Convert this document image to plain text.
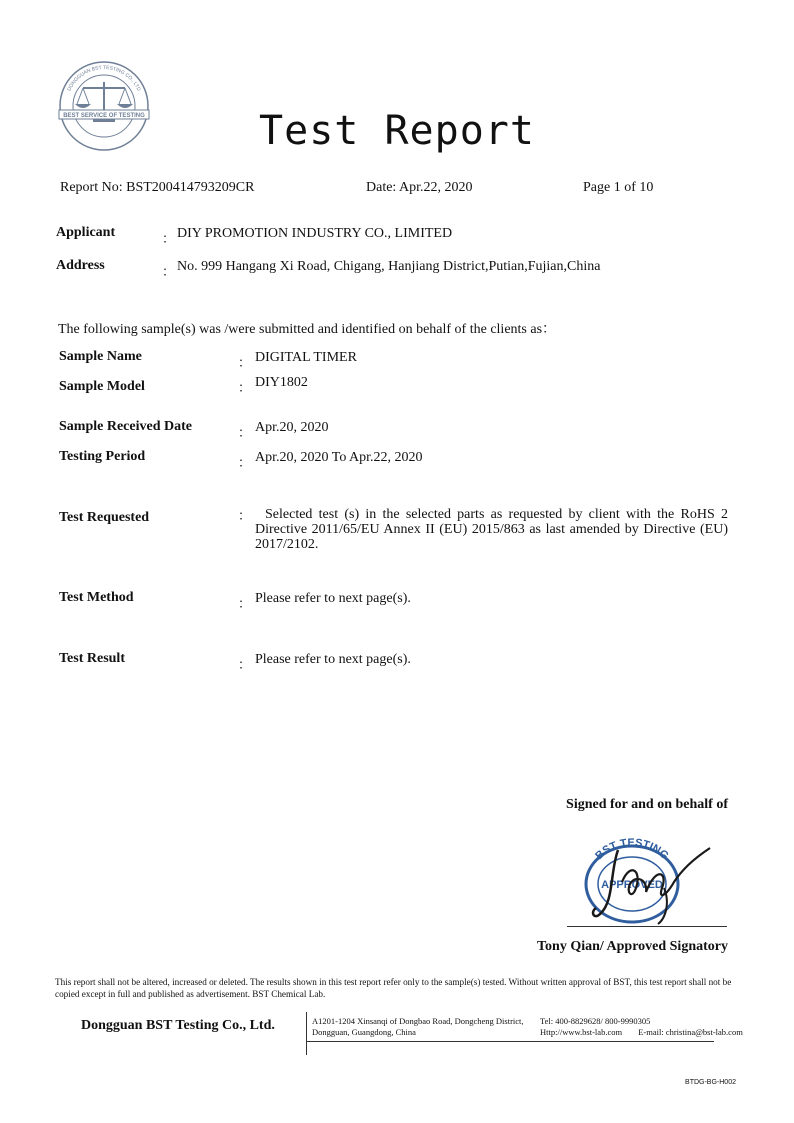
DONGGUAN BST TESTING CO., LTD
BEST SERVICE OF TESTING	Test Report
Report No: BST200414793209CR	Date: Apr.22, 2020	Page 1 of 10
Applicant	： DIY PROMOTION INDUSTRY CO., LIMITED
Address	： No. 999 Hangang Xi Road, Chigang, Hanjiang District,Putian,Fujian,China
The following sample(s) was /were submitted and identified on behalf of the clients as：
Sample Name	： DIGITAL TIMER
Sample Model	： DIY1802
Sample Received Date	： Apr.20, 2020
Testing Period	： Apr.20, 2020 To Apr.22, 2020
Test Requested	： Selected test (s) in the selected parts as requested by client with the RoHS 2 Directive 2011/65/EU Annex II (EU) 2015/863 as last amended by Directive (EU) 2017/2102.
Test Method	： Please refer to next page(s).
Test Result	： Please refer to next page(s).
Signed for and on behalf of
BST TESTING
APPROVED
Tony Qian/ Approved Signatory
This report shall not be altered, increased or deleted. The results shown in this test report refer only to the sample(s) tested. Without written approval of BST, this test report shall not be copied except in full and published as advertisement. BST Chemical Lab.
Dongguan BST Testing Co., Ltd.	A1201-1204 Xinsanqi of Dongbao Road, Dongcheng District,
Dongguan, Guangdong, China
Tel: 400-8829628/ 800-9990305
Http://www.bst-lab.com E-mail: christina@bst-lab.com
BTDG-BG-H002
